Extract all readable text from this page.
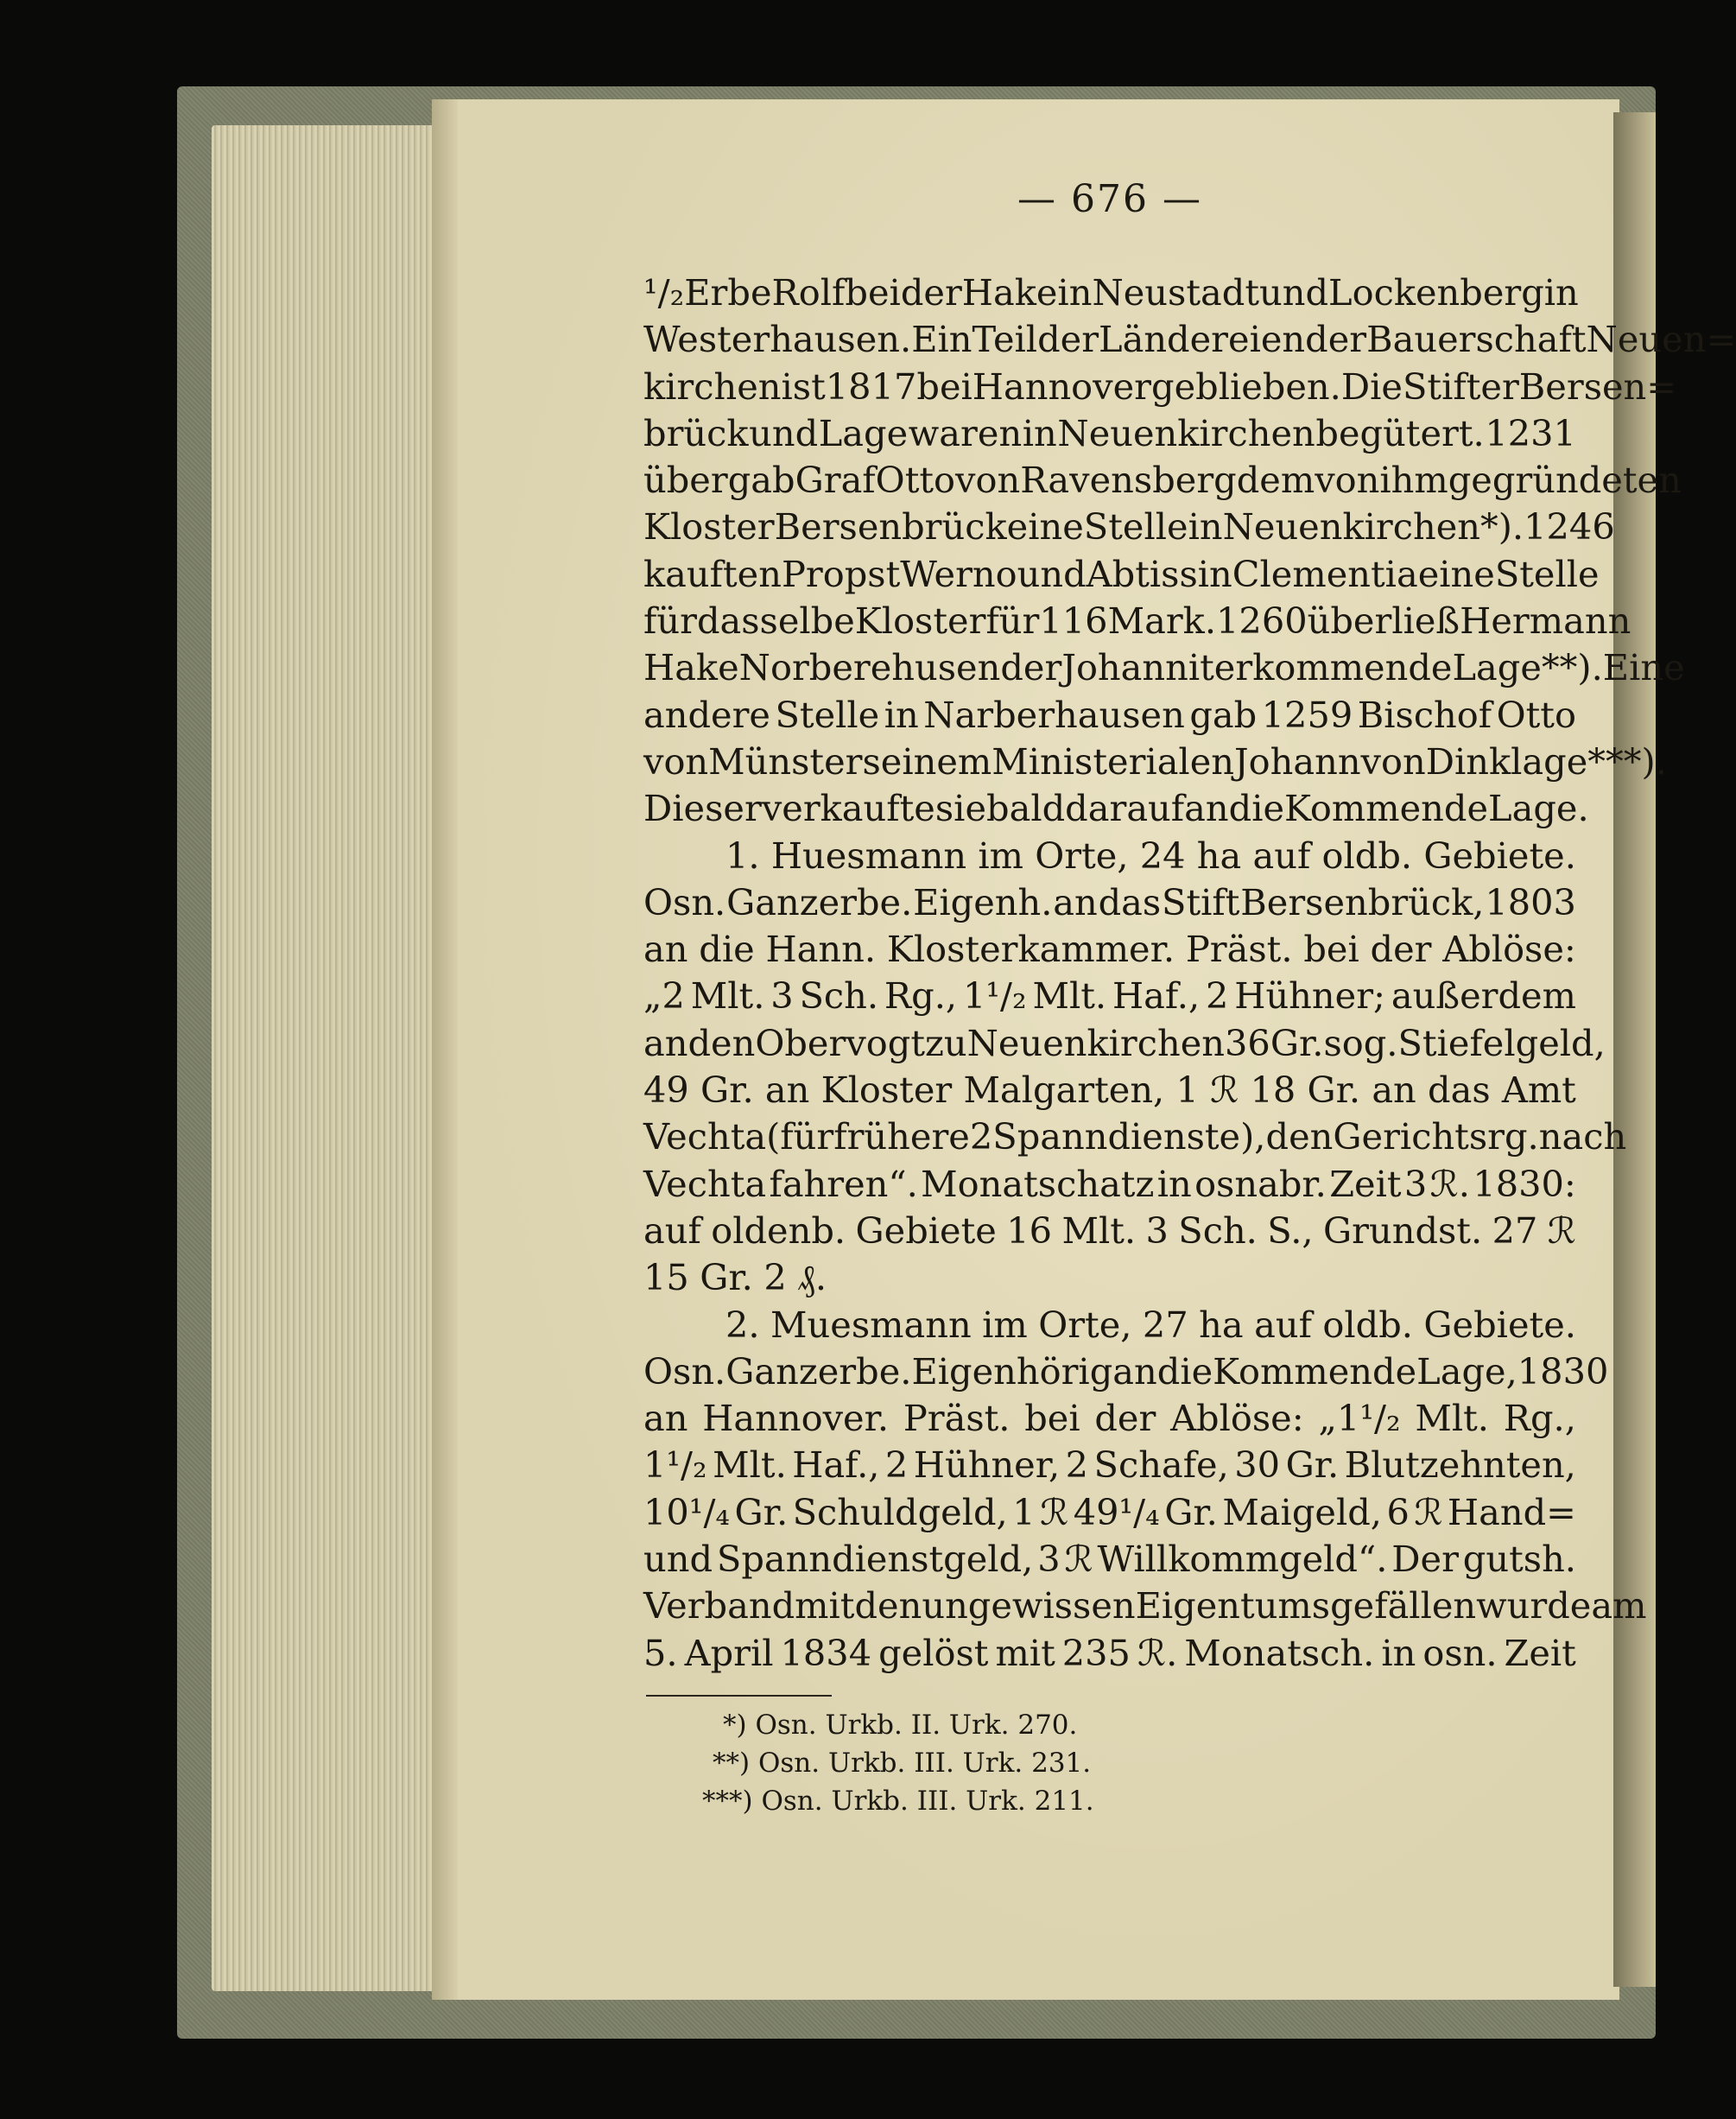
— 676 —
¹/₂ Erbe Rolf bei der Hake in Neustadt und Lockenberg in
Westerhausen. Ein Teil der Ländereien der Bauerschaft Neuen=
kirchen ist 1817 bei Hannover geblieben. Die Stifter Bersen=
brück und Lage waren in Neuenkirchen begütert. 1231
übergab Graf Otto von Ravensberg dem von ihm gegründeten
Kloster Bersenbrück eine Stelle in Neuenkirchen*). 1246
kauften Propst Werno und Abtissin Clementia eine Stelle
für dasselbe Kloster für 116 Mark. 1260 überließ Hermann
Hake Norberehusen der Johanniterkommende Lage**). Eine
andere Stelle in Narberhausen gab 1259 Bischof Otto
von Münster seinem Ministerialen Johann von Dinklage***).
Dieser verkaufte sie bald darauf an die Kommende Lage.
1. Huesmann im Orte, 24 ha auf oldb. Gebiete.
Osn. Ganzerbe. Eigenh. an das Stift Bersenbrück, 1803
an die Hann. Klosterkammer. Präst. bei der Ablöse:
„2 Mlt. 3 Sch. Rg., 1¹/₂ Mlt. Haf., 2 Hühner; außerdem
an den Obervogt zu Neuenkirchen 36 Gr. sog. Stiefelgeld,
49 Gr. an Kloster Malgarten, 1 ℛ 18 Gr. an das Amt
Vechta (für frühere 2 Spanndienste), den Gerichtsrg. nach
Vechta fahren“. Monatschatz in osnabr. Zeit 3 ℛ. 1830:
auf oldenb. Gebiete 16 Mlt. 3 Sch. S., Grundst. 27 ℛ
15 Gr. 2 ₰.
2. Muesmann im Orte, 27 ha auf oldb. Gebiete.
Osn. Ganzerbe. Eigenhörig an die Kommende Lage, 1830
an Hannover. Präst. bei der Ablöse: „1¹/₂ Mlt. Rg.,
1¹/₂ Mlt. Haf., 2 Hühner, 2 Schafe, 30 Gr. Blutzehnten,
10¹/₄ Gr. Schuldgeld, 1 ℛ 49¹/₄ Gr. Maigeld, 6 ℛ Hand=
und Spanndienstgeld, 3 ℛ Willkommgeld“. Der gutsh.
Verband mit den ungewissen Eigentumsgefällen wurde am
5. April 1834 gelöst mit 235 ℛ. Monatsch. in osn. Zeit
*) Osn. Urkb. II. Urk. 270.
**) Osn. Urkb. III. Urk. 231.
***) Osn. Urkb. III. Urk. 211.
